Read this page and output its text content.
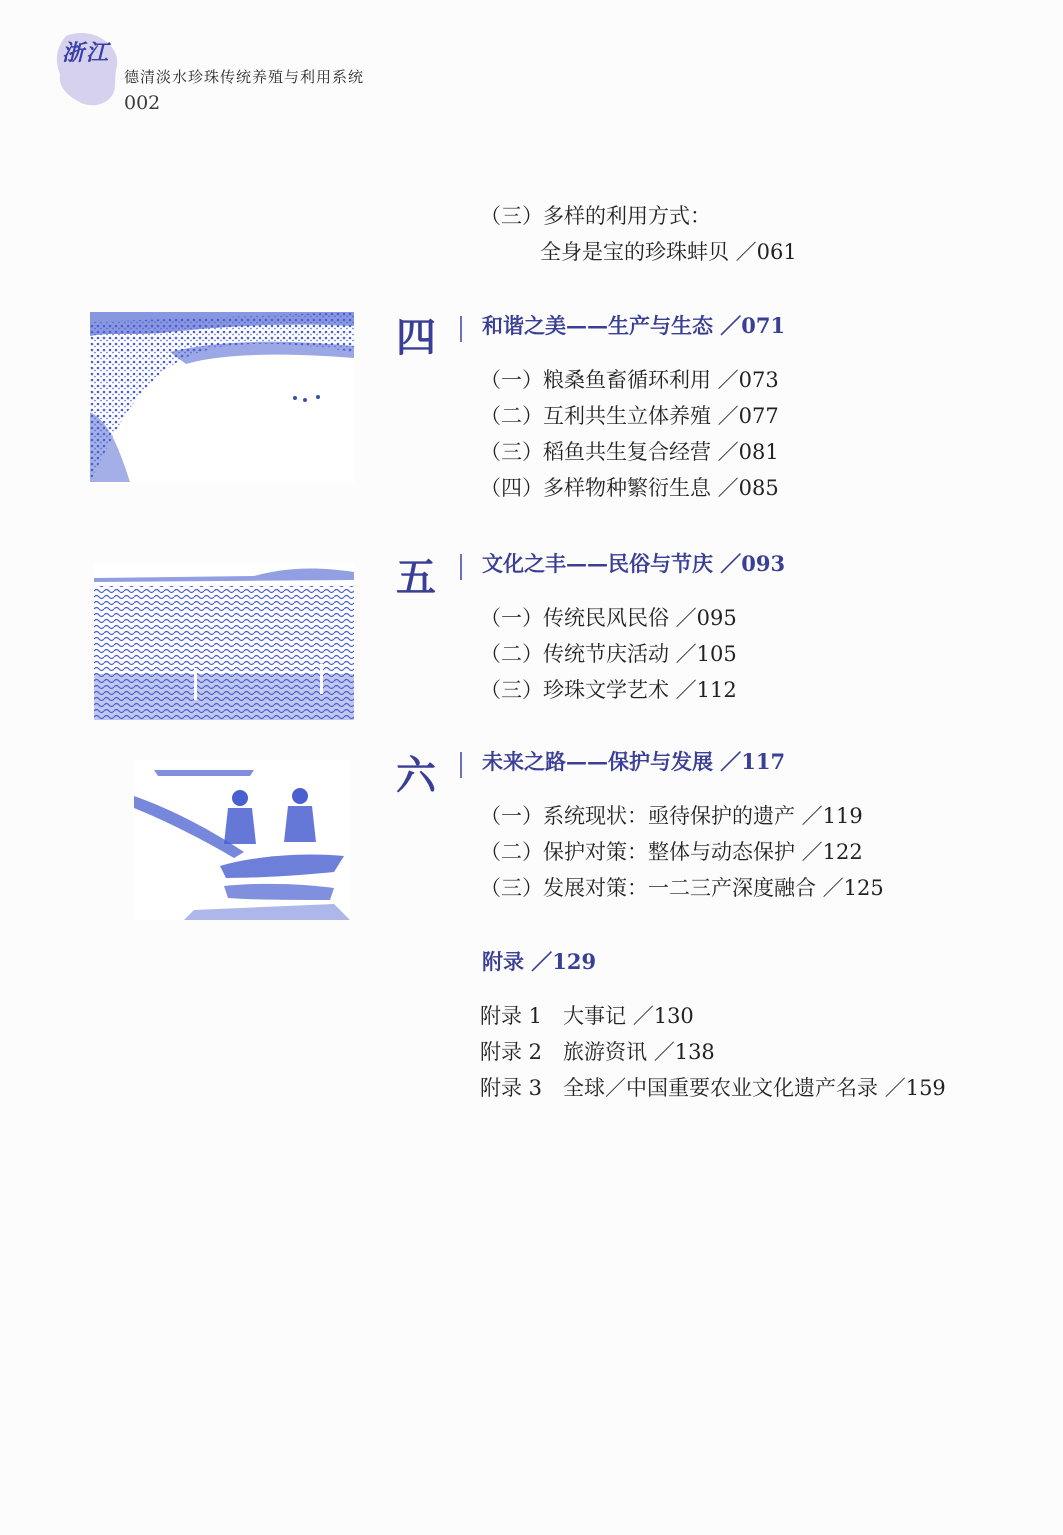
浙江
德清淡水珍珠传统养殖与利用系统
002
（三）多样的利用方式：
全身是宝的珍珠蚌贝 ／061
四 和谐之美——生产与生态 ／071
（一）粮桑鱼畜循环利用 ／073
（二）互利共生立体养殖 ／077
（三）稻鱼共生复合经营 ／081
（四）多样物种繁衍生息 ／085
五 文化之丰——民俗与节庆 ／093
（一）传统民风民俗 ／095
（二）传统节庆活动 ／105
（三）珍珠文学艺术 ／112
六 未来之路——保护与发展 ／117
（一）系统现状：亟待保护的遗产 ／119
（二）保护对策：整体与动态保护 ／122
（三）发展对策：一二三产深度融合 ／125
附录 ／129
附录 1　大事记 ／130
附录 2　旅游资讯 ／138
附录 3　全球／中国重要农业文化遗产名录 ／159
